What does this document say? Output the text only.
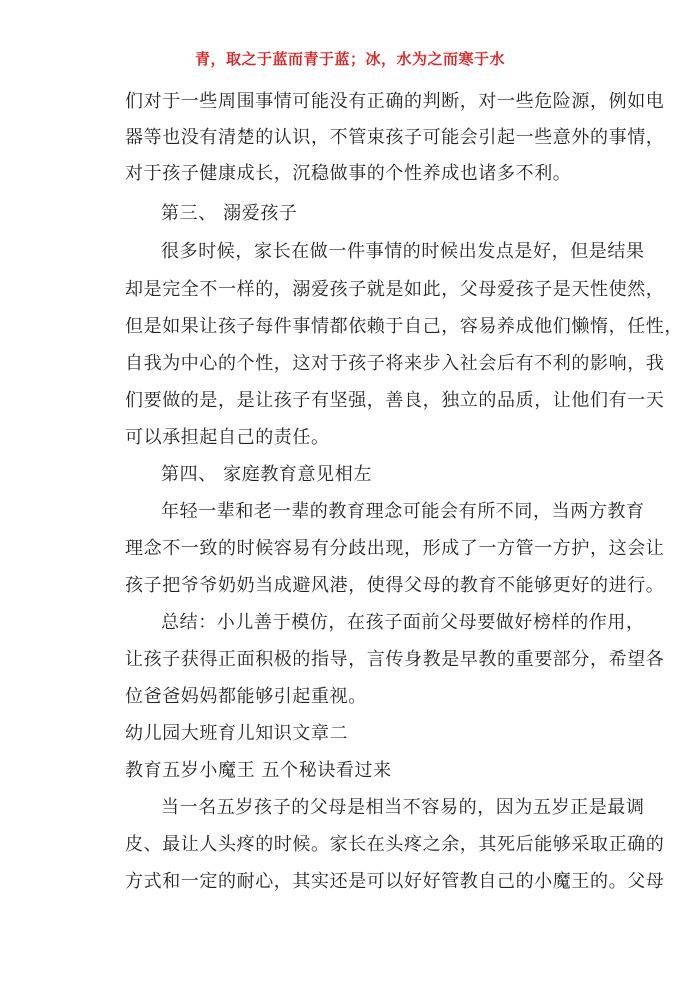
青，取之于蓝而青于蓝；冰，水为之而寒于水
们对于一些周围事情可能没有正确的判断，对一些危险源，例如电
器等也没有清楚的认识，不管束孩子可能会引起一些意外的事情，
对于孩子健康成长，沉稳做事的个性养成也诸多不利。
第三、 溺爱孩子
很多时候，家长在做一件事情的时候出发点是好，但是结果
却是完全不一样的，溺爱孩子就是如此，父母爱孩子是天性使然，
但是如果让孩子每件事情都依赖于自己，容易养成他们懒惰，任性，
自我为中心的个性，这对于孩子将来步入社会后有不利的影响，我
们要做的是，是让孩子有坚强，善良，独立的品质，让他们有一天
可以承担起自己的责任。
第四、 家庭教育意见相左
年轻一辈和老一辈的教育理念可能会有所不同，当两方教育
理念不一致的时候容易有分歧出现，形成了一方管一方护，这会让
孩子把爷爷奶奶当成避风港，使得父母的教育不能够更好的进行。
总结：小儿善于模仿，在孩子面前父母要做好榜样的作用，
让孩子获得正面积极的指导，言传身教是早教的重要部分，希望各
位爸爸妈妈都能够引起重视。
幼儿园大班育儿知识文章二
教育五岁小魔王 五个秘诀看过来
当一名五岁孩子的父母是相当不容易的，因为五岁正是最调
皮、最让人头疼的时候。家长在头疼之余，其死后能够采取正确的
方式和一定的耐心，其实还是可以好好管教自己的小魔王的。父母
